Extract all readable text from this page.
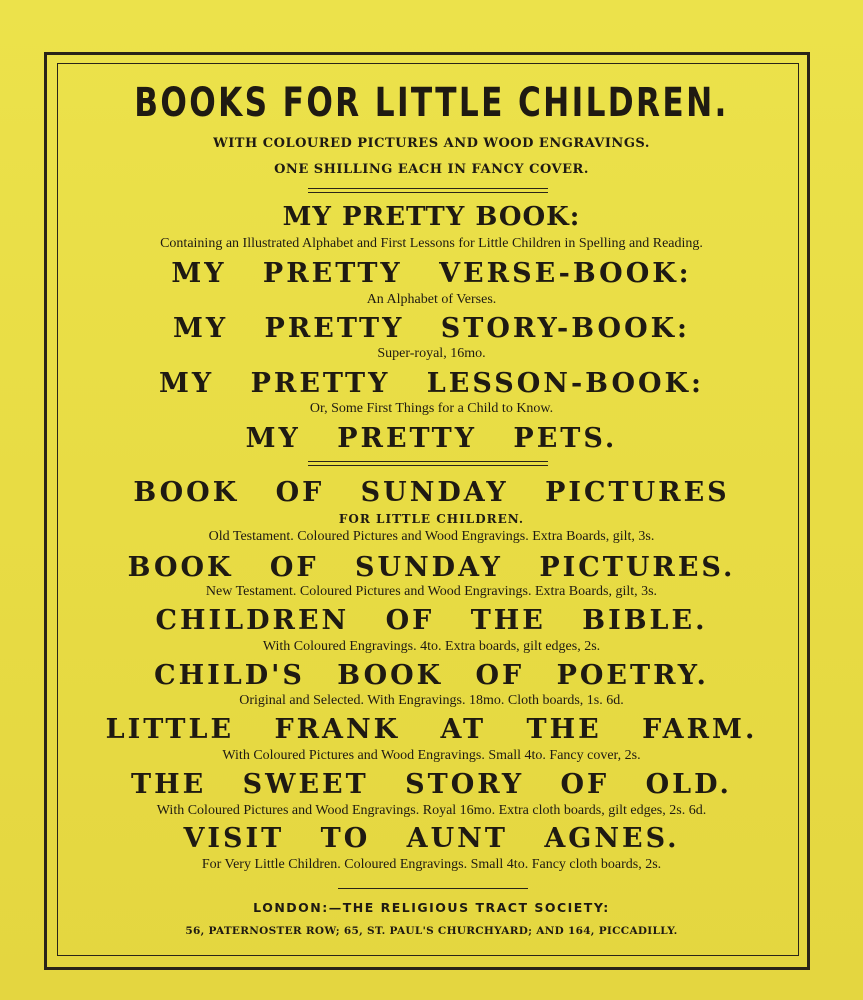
BOOKS FOR LITTLE CHILDREN.
WITH COLOURED PICTURES AND WOOD ENGRAVINGS.
ONE SHILLING EACH IN FANCY COVER.
MY PRETTY BOOK:
Containing an Illustrated Alphabet and First Lessons for Little Children in Spelling and Reading.
MY PRETTY VERSE-BOOK:
An Alphabet of Verses.
MY PRETTY STORY-BOOK:
Super-royal, 16mo.
MY PRETTY LESSON-BOOK:
Or, Some First Things for a Child to Know.
MY PRETTY PETS.
BOOK OF SUNDAY PICTURES
FOR LITTLE CHILDREN.
Old Testament. Coloured Pictures and Wood Engravings. Extra Boards, gilt, 3s.
BOOK OF SUNDAY PICTURES.
New Testament. Coloured Pictures and Wood Engravings. Extra Boards, gilt, 3s.
CHILDREN OF THE BIBLE.
With Coloured Engravings. 4to. Extra boards, gilt edges, 2s.
CHILD'S BOOK OF POETRY.
Original and Selected. With Engravings. 18mo. Cloth boards, 1s. 6d.
LITTLE FRANK AT THE FARM.
With Coloured Pictures and Wood Engravings. Small 4to. Fancy cover, 2s.
THE SWEET STORY OF OLD.
With Coloured Pictures and Wood Engravings. Royal 16mo. Extra cloth boards, gilt edges, 2s. 6d.
VISIT TO AUNT AGNES.
For Very Little Children. Coloured Engravings. Small 4to. Fancy cloth boards, 2s.
LONDON:—THE RELIGIOUS TRACT SOCIETY:
56, PATERNOSTER ROW; 65, ST. PAUL'S CHURCHYARD; AND 164, PICCADILLY.
